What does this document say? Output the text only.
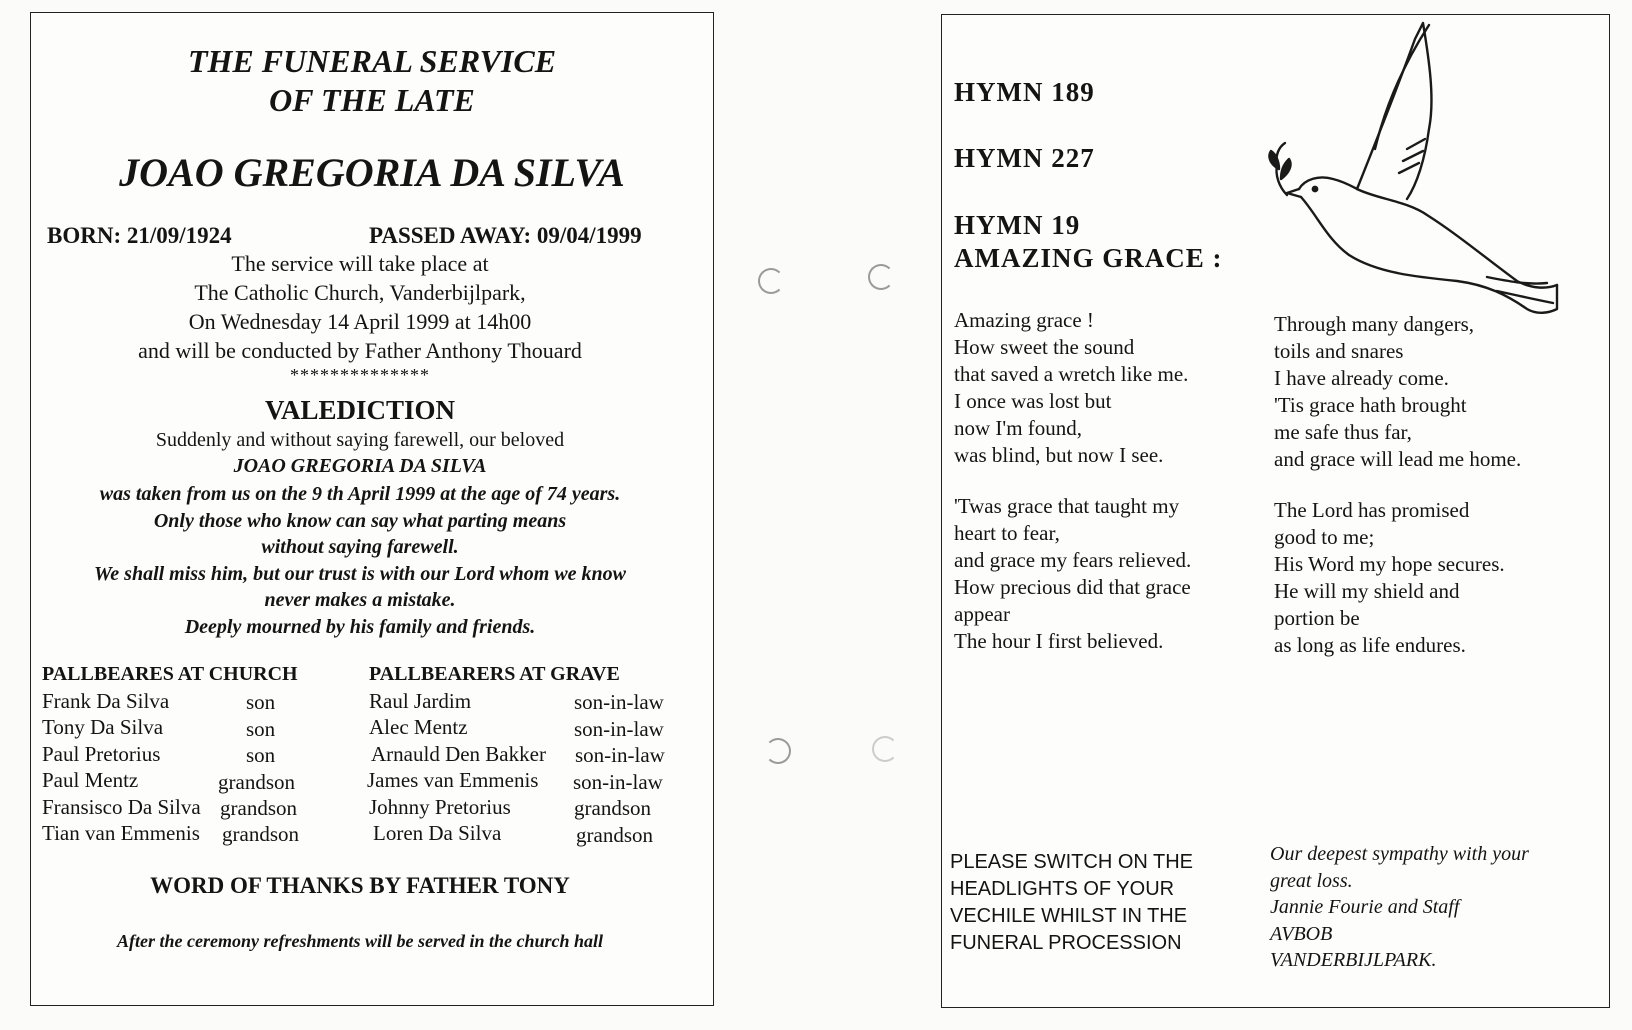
THE FUNERAL SERVICE
OF THE LATE
JOAO GREGORIA DA SILVA
BORN: 21/09/1924	PASSED AWAY: 09/04/1999
The service will take place at
The Catholic Church, Vanderbijlpark,
On Wednesday 14 April 1999 at 14h00
and will be conducted by Father Anthony Thouard
**************
VALEDICTION
Suddenly and without saying farewell, our beloved
JOAO GREGORIA DA SILVA
was taken from us on the 9 th April 1999 at the age of 74 years.
Only those who know can say what parting means
without saying farewell.
We shall miss him, but our trust is with our Lord whom we know
never makes a mistake.
Deeply mourned by his family and friends.
PALLBEARES AT CHURCH	PALLBEARERS AT GRAVE
Frank Da Silva	son
Tony Da Silva	son
Paul Pretorius	son
Paul Mentz	grandson
Fransisco Da Silva grandson
Tian van Emmenis grandson
Raul Jardim	son-in-law
Alec Mentz	son-in-law
Arnauld Den Bakker son-in-law
James van Emmenis son-in-law
Johnny Pretorius	grandson
Loren Da Silva	grandson
WORD OF THANKS BY FATHER TONY
After the ceremony refreshments will be served in the church hall
HYMN 189
HYMN 227
HYMN 19
AMAZING GRACE :
Amazing grace !
How sweet the sound
that saved a wretch like me.
I once was lost but
now I'm found,
was blind, but now I see.
'Twas grace that taught my
heart to fear,
and grace my fears relieved.
How precious did that grace
appear
The hour I first believed.
Through many dangers,
toils and snares
I have already come.
'Tis grace hath brought
me safe thus far,
and grace will lead me home.
The Lord has promised
good to me;
His Word my hope secures.
He will my shield and
portion be
as long as life endures.
PLEASE SWITCH ON THE
HEADLIGHTS OF YOUR
VECHILE WHILST IN THE
FUNERAL PROCESSION
Our deepest sympathy with your
great loss.
Jannie Fourie and Staff
AVBOB
VANDERBIJLPARK.
